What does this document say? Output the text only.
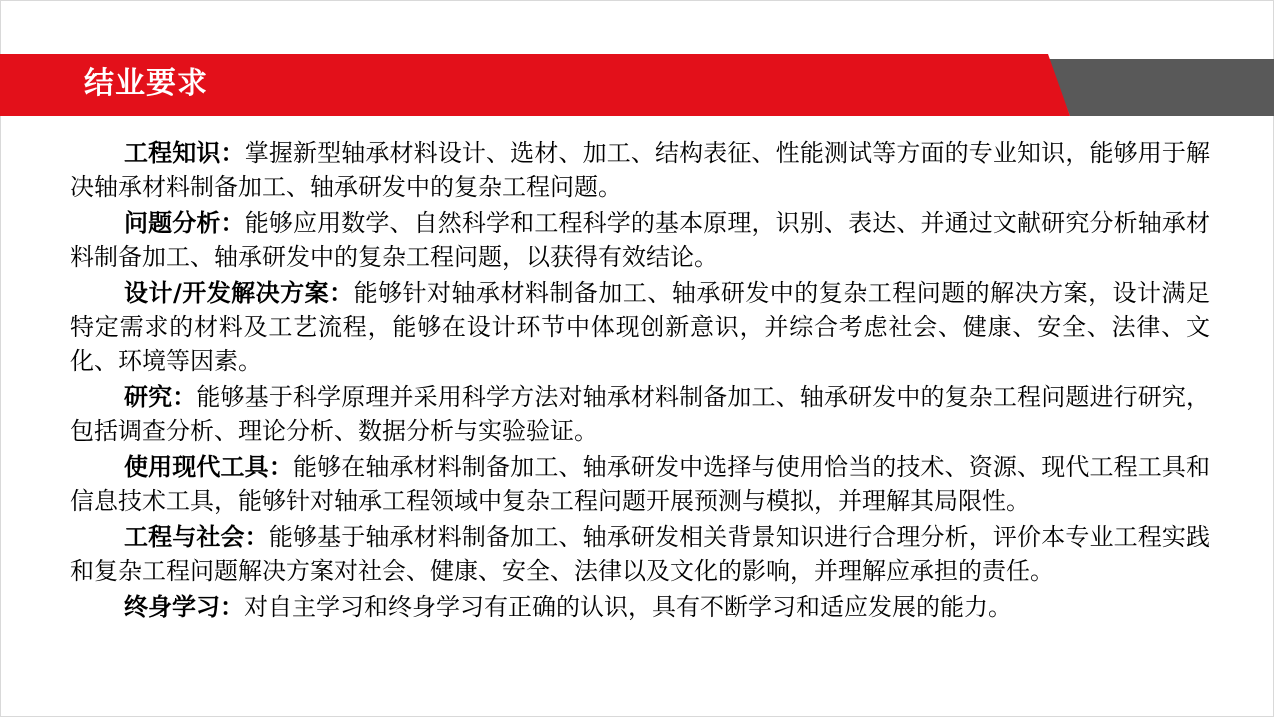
结业要求

工程知识：掌握新型轴承材料设计、选材、加工、结构表征、性能测试等方面的专业知识，能够用于解决轴承材料制备加工、轴承研发中的复杂工程问题。

问题分析：能够应用数学、自然科学和工程科学的基本原理，识别、表达、并通过文献研究分析轴承材料制备加工、轴承研发中的复杂工程问题，以获得有效结论。

设计/开发解决方案：能够针对轴承材料制备加工、轴承研发中的复杂工程问题的解决方案，设计满足特定需求的材料及工艺流程，能够在设计环节中体现创新意识，并综合考虑社会、健康、安全、法律、文化、环境等因素。

研究：能够基于科学原理并采用科学方法对轴承材料制备加工、轴承研发中的复杂工程问题进行研究，包括调查分析、理论分析、数据分析与实验验证。

使用现代工具：能够在轴承材料制备加工、轴承研发中选择与使用恰当的技术、资源、现代工程工具和信息技术工具，能够针对轴承工程领域中复杂工程问题开展预测与模拟，并理解其局限性。

工程与社会：能够基于轴承材料制备加工、轴承研发相关背景知识进行合理分析，评价本专业工程实践和复杂工程问题解决方案对社会、健康、安全、法律以及文化的影响，并理解应承担的责任。

终身学习：对自主学习和终身学习有正确的认识，具有不断学习和适应发展的能力。
